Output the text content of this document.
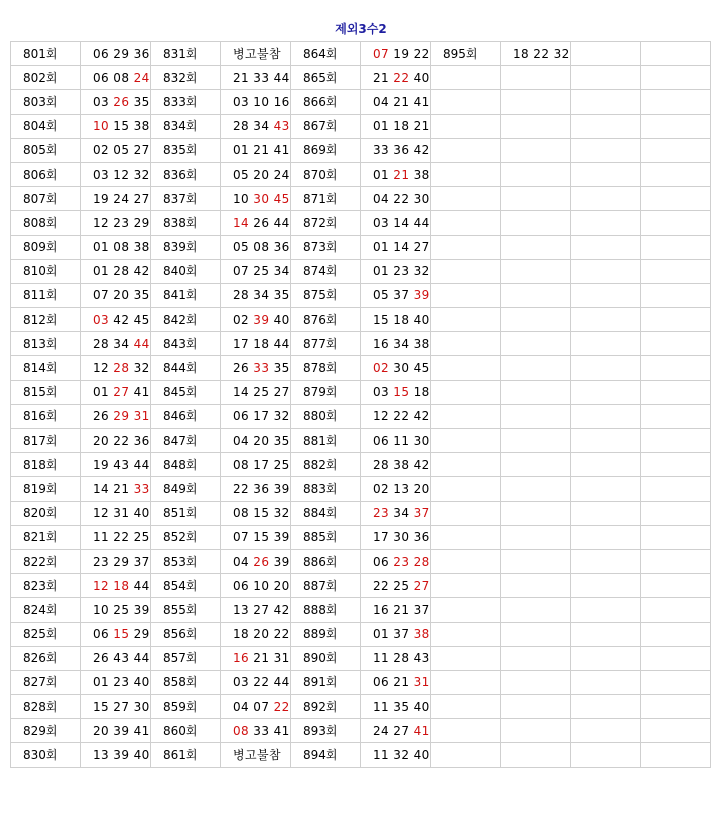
제외3수2
801회	06 29 36	831회	병고불참	864회	07 19 22	895회	18 22 32		
802회	06 08 24	832회	21 33 44	865회	21 22 40				
803회	03 26 35	833회	03 10 16	866회	04 21 41				
804회	10 15 38	834회	28 34 43	867회	01 18 21				
805회	02 05 27	835회	01 21 41	869회	33 36 42				
806회	03 12 32	836회	05 20 24	870회	01 21 38				
807회	19 24 27	837회	10 30 45	871회	04 22 30				
808회	12 23 29	838회	14 26 44	872회	03 14 44				
809회	01 08 38	839회	05 08 36	873회	01 14 27				
810회	01 28 42	840회	07 25 34	874회	01 23 32				
811회	07 20 35	841회	28 34 35	875회	05 37 39				
812회	03 42 45	842회	02 39 40	876회	15 18 40				
813회	28 34 44	843회	17 18 44	877회	16 34 38				
814회	12 28 32	844회	26 33 35	878회	02 30 45				
815회	01 27 41	845회	14 25 27	879회	03 15 18				
816회	26 29 31	846회	06 17 32	880회	12 22 42				
817회	20 22 36	847회	04 20 35	881회	06 11 30				
818회	19 43 44	848회	08 17 25	882회	28 38 42				
819회	14 21 33	849회	22 36 39	883회	02 13 20				
820회	12 31 40	851회	08 15 32	884회	23 34 37				
821회	11 22 25	852회	07 15 39	885회	17 30 36				
822회	23 29 37	853회	04 26 39	886회	06 23 28				
823회	12 18 44	854회	06 10 20	887회	22 25 27				
824회	10 25 39	855회	13 27 42	888회	16 21 37				
825회	06 15 29	856회	18 20 22	889회	01 37 38				
826회	26 43 44	857회	16 21 31	890회	11 28 43				
827회	01 23 40	858회	03 22 44	891회	06 21 31				
828회	15 27 30	859회	04 07 22	892회	11 35 40				
829회	20 39 41	860회	08 33 41	893회	24 27 41				
830회	13 39 40	861회	병고불참	894회	11 32 40				
